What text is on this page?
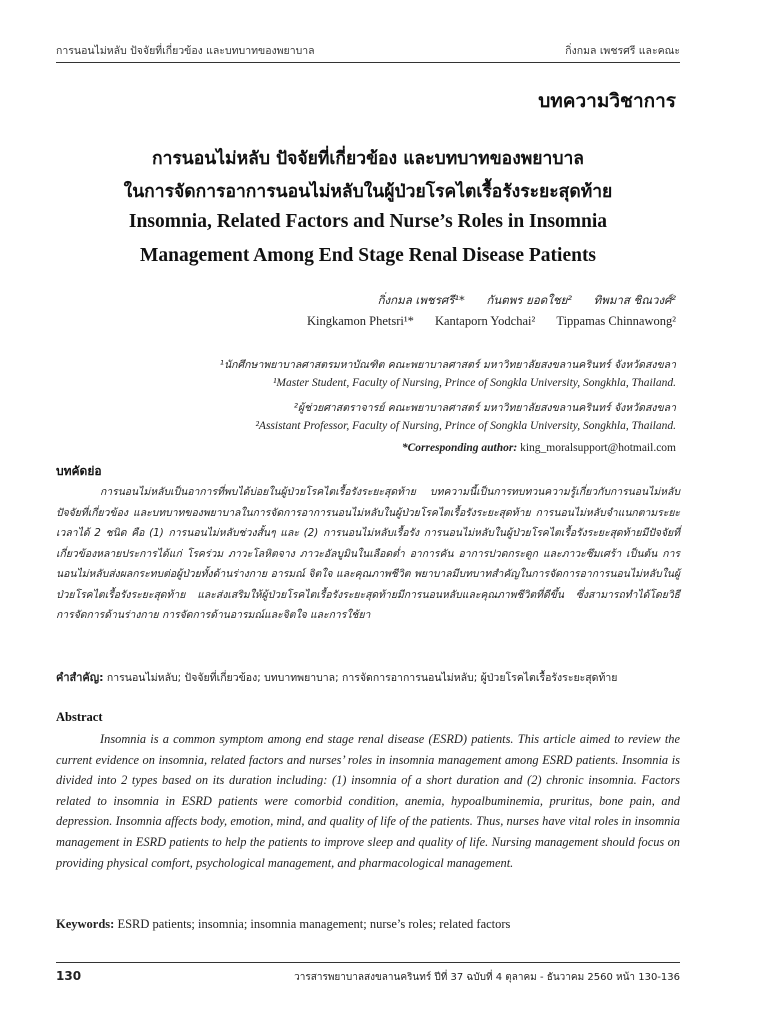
การนอนไม่หลับ ปัจจัยที่เกี่ยวข้อง และบทบาทของพยาบาล	กิ่งกมล เพชรศรี และคณะ
บทความวิชาการ
การนอนไม่หลับ ปัจจัยที่เกี่ยวข้อง และบทบาทของพยาบาล
ในการจัดการอาการนอนไม่หลับในผู้ป่วยโรคไตเรื้อรังระยะสุดท้าย
Insomnia, Related Factors and Nurse’s Roles in Insomnia
Management Among End Stage Renal Disease Patients
กิ่งกมล เพชรศรี¹* กันตพร ยอดใชย² ทิพมาส ชิณวงศ์²
Kingkamon Phetsri¹* Kantaporn Yodchai² Tippamas Chinnawong²
¹นักศึกษาพยาบาลศาสตรมหาบัณฑิต คณะพยาบาลศาสตร์ มหาวิทยาลัยสงขลานครินทร์ จังหวัดสงขลา
¹Master Student, Faculty of Nursing, Prince of Songkla University, Songkhla, Thailand.
²ผู้ช่วยศาสตราจารย์ คณะพยาบาลศาสตร์ มหาวิทยาลัยสงขลานครินทร์ จังหวัดสงขลา
²Assistant Professor, Faculty of Nursing, Prince of Songkla University, Songkhla, Thailand.
*Corresponding author: king_moralsupport@hotmail.com
บทคัดย่อ

การนอนไม่หลับเป็นอาการที่พบได้บ่อยในผู้ป่วยโรคไตเรื้อรังระยะสุดท้าย บทความนี้เป็นการทบทวนความรู้เกี่ยวกับการนอนไม่หลับ ปัจจัยที่เกี่ยวข้อง และบทบาทของพยาบาลในการจัดการอาการนอนไม่หลับในผู้ป่วยโรคไตเรื้อรังระยะสุดท้าย การนอนไม่หลับจำแนกตามระยะเวลาได้ 2 ชนิด คือ (1) การนอนไม่หลับช่วงสั้นๆ และ (2) การนอนไม่หลับเรื้อรัง การนอนไม่หลับในผู้ป่วยโรคไตเรื้อรังระยะสุดท้ายมีปัจจัยที่เกี่ยวข้องหลายประการได้แก่ โรคร่วม ภาวะโลหิตจาง ภาวะอัลบูมินในเลือดต่ำ อาการคัน อาการปวดกระดูก และภาวะซึมเศร้า เป็นต้น การนอนไม่หลับส่งผลกระทบต่อผู้ป่วยทั้งด้านร่างกาย อารมณ์ จิตใจ และคุณภาพชีวิต พยาบาลมีบทบาทสำคัญในการจัดการอาการนอนไม่หลับในผู้ป่วยโรคไตเรื้อรังระยะสุดท้าย และส่งเสริมให้ผู้ป่วยโรคไตเรื้อรังระยะสุดท้ายมีการนอนหลับและคุณภาพชีวิตที่ดีขึ้น ซึ่งสามารถทำได้โดยวิธีการจัดการด้านร่างกาย การจัดการด้านอารมณ์และจิตใจ และการใช้ยา

คำสำคัญ: การนอนไม่หลับ; ปัจจัยที่เกี่ยวข้อง; บทบาทพยาบาล; การจัดการอาการนอนไม่หลับ; ผู้ป่วยโรคไตเรื้อรังระยะสุดท้าย
Abstract

Insomnia is a common symptom among end stage renal disease (ESRD) patients. This article aimed to review the current evidence on insomnia, related factors and nurses’ roles in insomnia management among ESRD patients. Insomnia is divided into 2 types based on its duration including: (1) insomnia of a short duration and (2) chronic insomnia. Factors related to insomnia in ESRD patients were comorbid condition, anemia, hypoalbuminemia, pruritus, bone pain, and depression. Insomnia affects body, emotion, mind, and quality of life of the patients. Thus, nurses have vital roles in insomnia management in ESRD patients to help the patients to improve sleep and quality of life. Nursing management should focus on providing physical comfort, psychological management, and pharmacological management.

Keywords: ESRD patients; insomnia; insomnia management; nurse’s roles; related factors
130	วารสารพยาบาลสงขลานครินทร์ ปีที่ 37 ฉบับที่ 4 ตุลาคม - ธันวาคม 2560 หน้า 130-136
